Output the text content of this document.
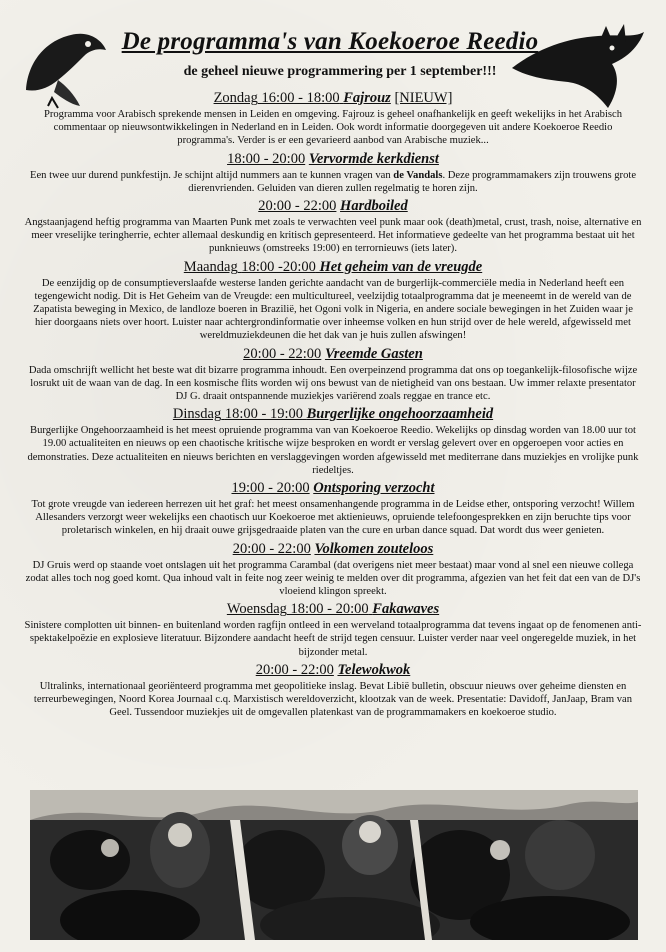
De programma's van Koekoeroe Reedio
de geheel nieuwe programmering per 1 september!!!

Zondag 16:00 - 18:00 Fajrouz [NIEUW]

Programma voor Arabisch sprekende mensen in Leiden en omgeving. Fajrouz is geheel onafhankelijk en geeft wekelijks in het Arabisch commentaar op nieuwsontwikkelingen in Nederland en in Leiden. Ook wordt informatie doorgegeven uit andere Koekoeroe Reedio programma's. Verder is er een gevarieerd aanbod van Arabische muziek...

18:00 - 20:00 Vervormde kerkdienst

Een twee uur durend punkfestijn. Je schijnt altijd nummers aan te kunnen vragen van de Vandals. Deze programmamakers zijn trouwens grote dierenvrienden. Geluiden van dieren zullen regelmatig te horen zijn.

20:00 - 22:00 Hardboiled

Angstaanjagend heftig programma van Maarten Punk met zoals te verwachten veel punk maar ook (death)metal, crust, trash, noise, alternative en meer vreselijke teringherrie, echter allemaal deskundig en kritisch gepresenteerd. Het informatieve gedeelte van het programma bestaat uit het punknieuws (omstreeks 19:00) en terrornieuws (iets later).

Maandag 18:00 -20:00 Het geheim van de vreugde

De eenzijdig op de consumptieverslaafde westerse landen gerichte aandacht van de burgerlijk-commerciële media in Nederland heeft een tegengewicht nodig. Dit is Het Geheim van de Vreugde: een multicultureel, veelzijdig totaalprogramma dat je meeneemt in de wereld van de Zapatista beweging in Mexico, de landloze boeren in Brazilië, het Ogoni volk in Nigeria, en andere sociale bewegingen in het Zuiden waar je hier doorgaans niets over hoort. Luister naar achtergrondinformatie over inheemse volken en hun strijd over de hele wereld, afgewisseld met wereldmuziekdeunen die het dak van je huis zullen afswingen!

20:00 - 22:00 Vreemde Gasten

Dada omschrijft wellicht het beste wat dit bizarre programma inhoudt. Een overpeinzend programma dat ons op toegankelijk-filosofische wijze losrukt uit de waan van de dag. In een kosmische flits worden wij ons bewust van de nietigheid van ons bestaan. Uw immer relaxte presentator DJ G. draait ontspannende muziekjes variërend zoals reggae en trance etc.

Dinsdag 18:00 - 19:00 Burgerlijke ongehoorzaamheid

Burgerlijke Ongehoorzaamheid is het meest opruiende programma van van Koekoeroe Reedio. Wekelijks op dinsdag worden van 18.00 uur tot 19.00 actualiteiten en nieuws op een chaotische kritische wijze besproken en wordt er verslag gelevert over en opgeroepen voor acties en demonstraties. Deze actualiteiten en nieuws berichten en verslaggevingen worden afgewisseld met mediterrane dans muziekjes en vrolijke punk riedeltjes.

19:00 - 20:00 Ontsporing verzocht

Tot grote vreugde van iedereen herrezen uit het graf: het meest onsamenhangende programma in de Leidse ether, ontsporing verzocht! Willem Allesanders verzorgt weer wekelijks een chaotisch uur Koekoeroe met aktienieuws, opruiende telefoongesprekken en zijn beruchte tips voor proletarisch winkelen, en hij draait ouwe grijsgedraaide platen van the cure en urban dance squad. Dat wordt dus weer genieten.

20:00 - 22:00 Volkomen zouteloos

DJ Gruis werd op staande voet ontslagen uit het programma Carambal (dat overigens niet meer bestaat) maar vond al snel een nieuwe collega zodat alles toch nog goed komt. Qua inhoud valt in feite nog zeer weinig te melden over dit programma, afgezien van het feit dat een van de DJ's vloeiend klingon spreekt.

Woensdag 18:00 - 20:00 Fakawaves

Sinistere complotten uit binnen- en buitenland worden ragfijn ontleed in een werveland totaalprogramma dat tevens ingaat op de fenomenen anti-spektakelpoëzie en explosieve literatuur. Bijzondere aandacht heeft de strijd tegen censuur. Luister verder naar veel ongeregelde muziek, in het bijzonder metal.

20:00 - 22:00 Telewokwok

Ultralinks, internationaal georiënteerd programma met geopolitieke inslag. Bevat Libië bulletin, obscuur nieuws over geheime diensten en terreurbewegingen, Noord Korea Journaal c.q. Marxistisch wereldoverzicht, klootzak van de week. Presentatie: Davidoff, JanJaap, Bram van Geel. Tussendoor muziekjes uit de omgevallen platenkast van de programmamakers en koekoeroe studio.
